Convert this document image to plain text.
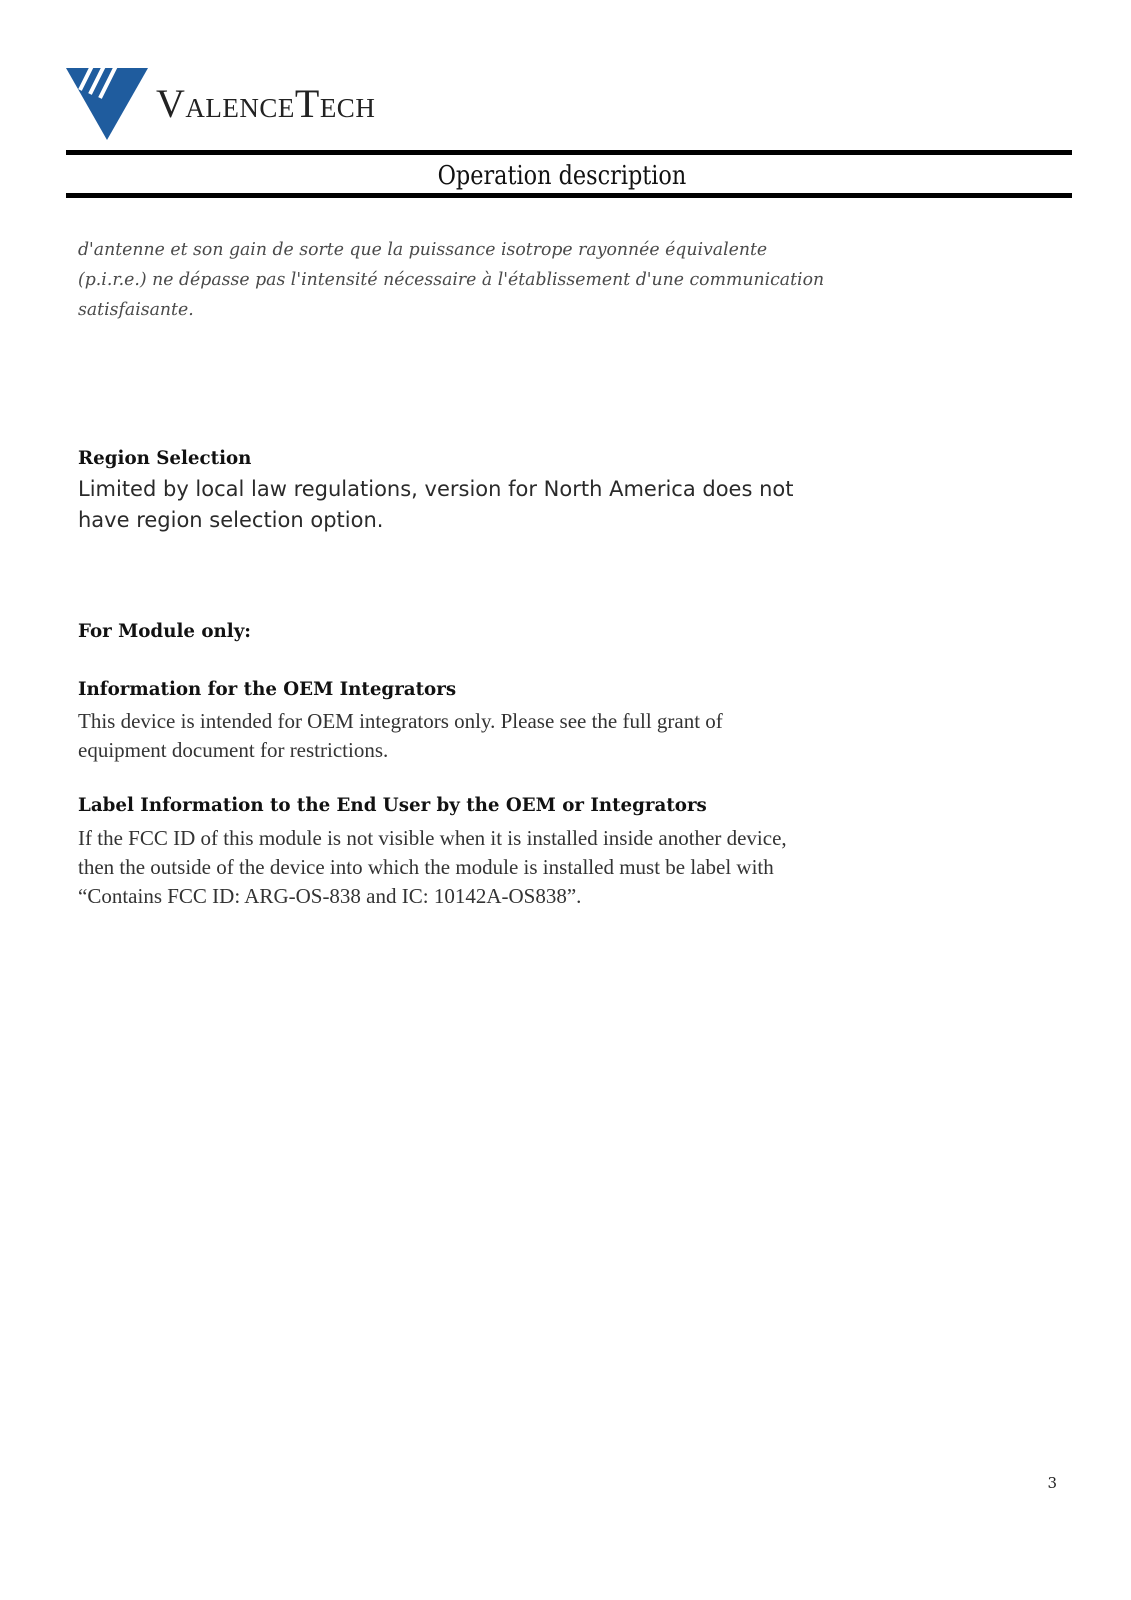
VALENCETECH
Operation description

d'antenne et son gain de sorte que la puissance isotrope rayonnée équivalente

(p.i.r.e.) ne dépasse pas l'intensité nécessaire à l'établissement d'une communication

satisfaisante.

Region Selection

Limited by local law regulations, version for North America does not

have region selection option.

For Module only:
Information for the OEM Integrators

This device is intended for OEM integrators only. Please see the full grant of

equipment document for restrictions.

Label Information to the End User by the OEM or Integrators

If the FCC ID of this module is not visible when it is installed inside another device,

then the outside of the device into which the module is installed must be label with

“Contains FCC ID: ARG-OS-838 and IC: 10142A-OS838”.

3
